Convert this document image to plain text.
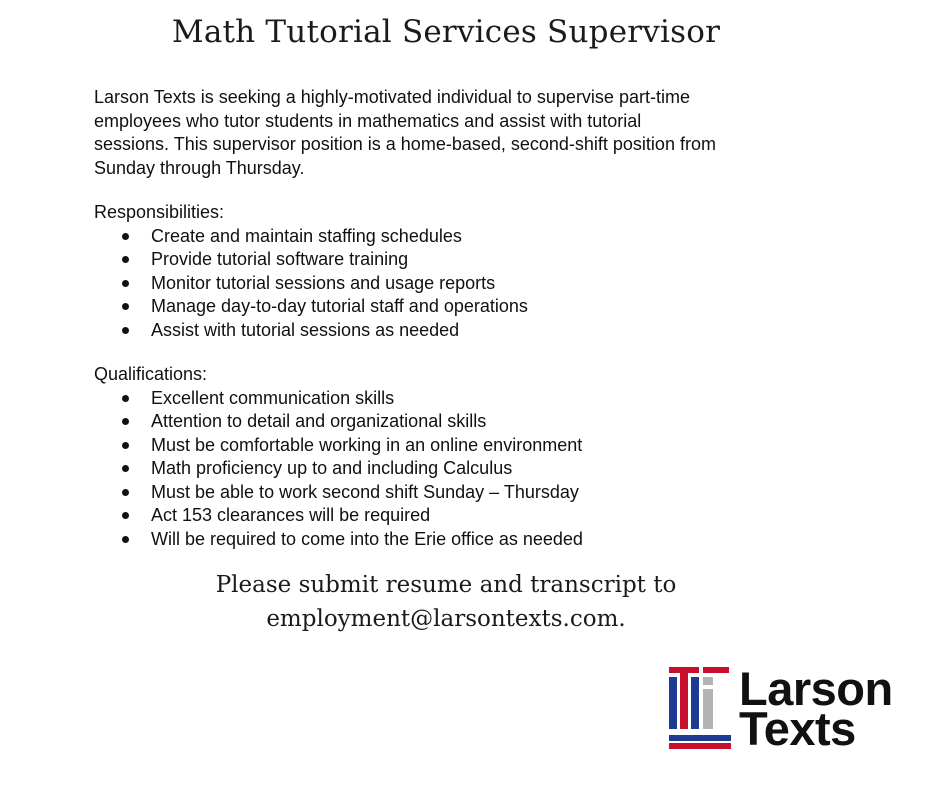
Math Tutorial Services Supervisor

Larson Texts is seeking a highly-motivated individual to supervise part-time

employees who tutor students in mathematics and assist with tutorial

sessions. This supervisor position is a home-based, second-shift position from

Sunday through Thursday.

Responsibilities:

Create and maintain staffing schedules
Provide tutorial software training
Monitor tutorial sessions and usage reports
Manage day-to-day tutorial staff and operations
Assist with tutorial sessions as needed

Qualifications:

Excellent communication skills
Attention to detail and organizational skills
Must be comfortable working in an online environment
Math proficiency up to and including Calculus
Must be able to work second shift Sunday – Thursday
Act 153 clearances will be required
Will be required to come into the Erie office as needed
Please submit resume and transcript to
employment@larsontexts.com.
Larson
Texts
